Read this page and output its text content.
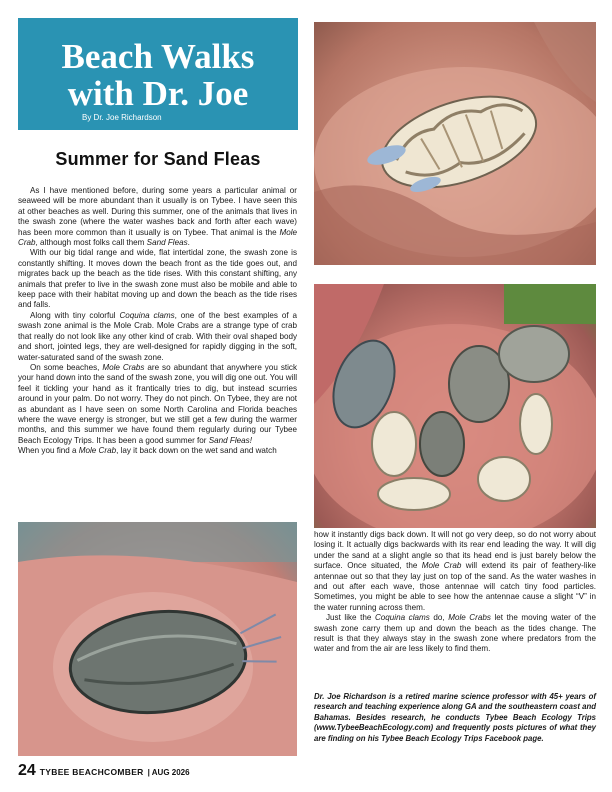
Beach Walks
with Dr. Joe
By Dr. Joe Richardson
Summer for Sand Fleas

As I have mentioned before, during some years a particular animal or seaweed will be more abundant than it usually is on Tybee. I have seen this at other beaches as well. During this summer, one of the animals that lives in the swash zone (where the water washes back and forth after each wave) has been more common than it usually is on Tybee. That animal is the Mole Crab, although most folks call them Sand Fleas.

With our big tidal range and wide, flat intertidal zone, the swash zone is constantly shifting. It moves down the beach front as the tide goes out, and migrates back up the beach as the tide rises. With this constant shifting, any animals that prefer to live in the swash zone must also be mobile and able to keep pace with their habitat moving up and down the beach as the tide rises and falls.

Along with tiny colorful Coquina clams, one of the best examples of a swash zone animal is the Mole Crab. Mole Crabs are a strange type of crab that really do not look like any other kind of crab. With their oval shaped body and short, jointed legs, they are well-designed for rapidly digging in the soft, water-saturated sand of the swash zone.

On some beaches, Mole Crabs are so abundant that anywhere you stick your hand down into the sand of the swash zone, you will dig one out. You will feel it tickling your hand as it frantically tries to dig, but instead scurries around in your palm. Do not worry. They do not pinch. On Tybee, they are not as abundant as I have seen on some North Carolina and Florida beaches where the wave energy is stronger, but we still get a few during the warmer months, and this summer we have found them regularly during our Tybee Beach Ecology Trips. It has been a good summer for Sand Fleas!

When you find a Mole Crab, lay it back down on the wet sand and watch

how it instantly digs back down. It will not go very deep, so do not worry about losing it. It actually digs backwards with its rear end leading the way. It will dig under the sand at a slight angle so that its head end is just barely below the surface. Once situated, the Mole Crab will extend its pair of feathery-like antennae out so that they lay just on top of the sand. As the water washes in and out after each wave, those antennae will catch tiny food particles. Sometimes, you might be able to see how the antennae cause a slight “V” in the water running across them.

Just like the Coquina clams do, Mole Crabs let the moving water of the swash zone carry them up and down the beach as the tides change. The result is that they always stay in the swash zone where predators from the water and from the air are less likely to find them.

Dr. Joe Richardson is a retired marine science professor with 45+ years of research and teaching experience along GA and the southeastern coast and Bahamas. Besides research, he conducts Tybee Beach Ecology Trips (www.TybeeBeachEcology.com) and frequently posts pictures of what they are finding on his Tybee Beach Ecology Trips Facebook page.
24 TYBEE BEACHCOMBER | AUG 2026
